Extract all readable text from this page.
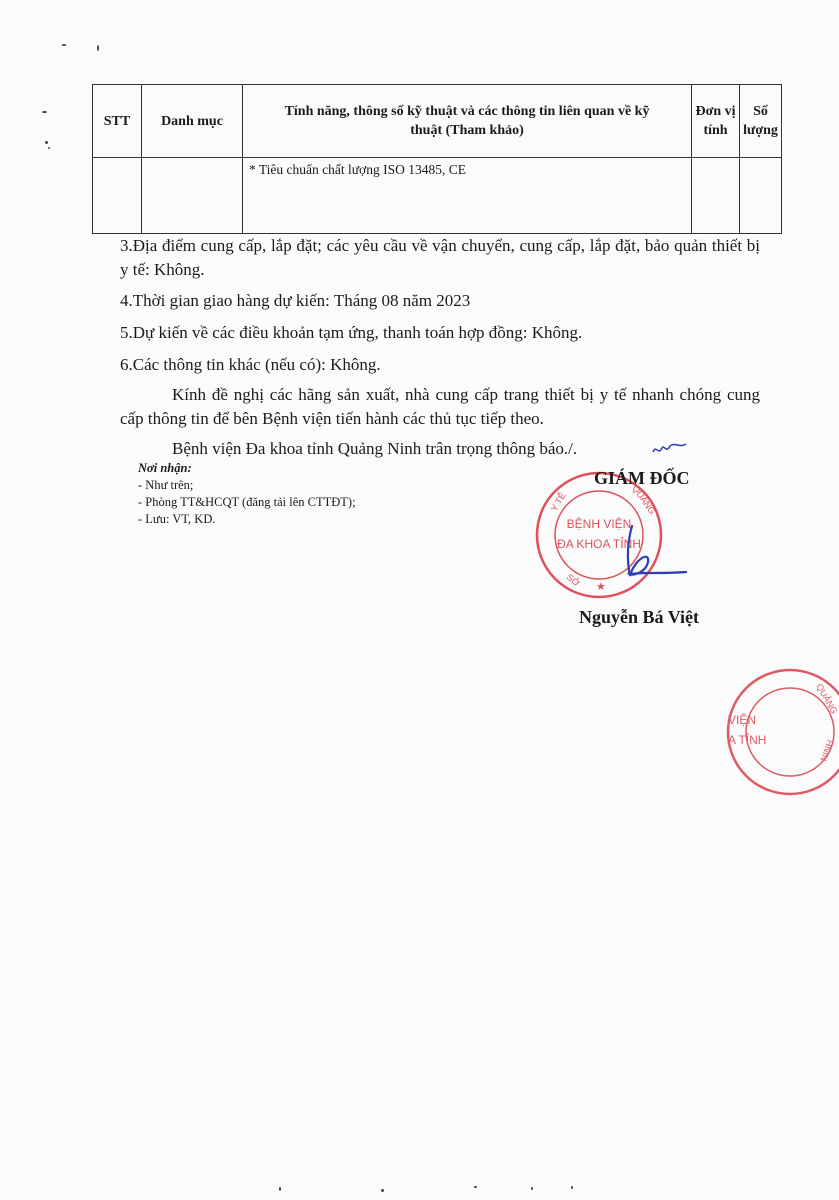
STT	Danh mục	Tính năng, thông số kỹ thuật và các thông tin liên quan về kỹ thuật (Tham khảo)	Đơn vị tính	Số lượng
		* Tiêu chuẩn chất lượng ISO 13485, CE		

3.Địa điểm cung cấp, lắp đặt; các yêu cầu về vận chuyển, cung cấp, lắp đặt, bảo quản thiết bị y tế: Không.

4.Thời gian giao hàng dự kiến: Tháng 08 năm 2023

5.Dự kiến về các điều khoản tạm ứng, thanh toán hợp đồng: Không.

6.Các thông tin khác (nếu có): Không.

Kính đề nghị các hãng sản xuất, nhà cung cấp trang thiết bị y tế nhanh chóng cung cấp thông tin để bên Bệnh viện tiến hành các thủ tục tiếp theo.

Bệnh viện Đa khoa tỉnh Quảng Ninh trân trọng thông báo./.

Nơi nhận:
- Như trên;
- Phòng TT&HCQT (đăng tải lên CTTĐT);
- Lưu: VT, KD.
Y TẾ	QUẢNG
SỞ ★
BỆNH VIỆN
ĐA KHOA TỈNH
GIÁM ĐỐC
Nguyễn Bá Việt
QUẢNG
NINH
VIỆN
A TỈNH
